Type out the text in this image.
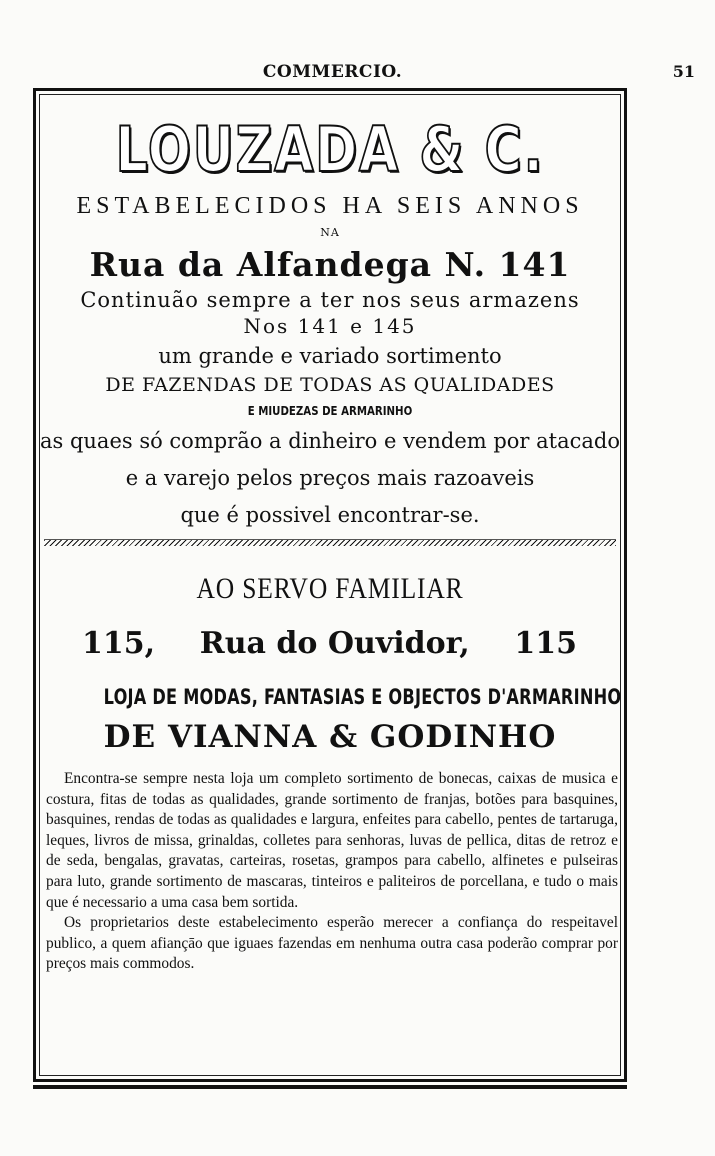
COMMERCIO.	51
LOUZADA & C.
ESTABELECIDOS HA SEIS ANNOS
NA
Rua da Alfandega N. 141
Continuão sempre a ter nos seus armazens
Nos 141 e 145
um grande e variado sortimento
DE FAZENDAS DE TODAS AS QUALIDADES
E MIUDEZAS DE ARMARINHO
as quaes só comprão a dinheiro e vendem por atacado
e a varejo pelos preços mais razoaveis
que é possivel encontrar-se.
AO SERVO FAMILIAR
115, Rua do Ouvidor, 115
LOJA DE MODAS, FANTASIAS E OBJECTOS D'ARMARINHO
DE VIANNA & GODINHO

Encontra-se sempre nesta loja um completo sortimento de bonecas, caixas de musica e costura, fitas de todas as qualidades, grande sortimento de franjas, botões para basquines, basquines, rendas de todas as qualidades e largura, enfeites para cabello, pentes de tartaruga, leques, livros de missa, grinaldas, colletes para senhoras, luvas de pellica, ditas de retroz e de seda, bengalas, gravatas, carteiras, rosetas, grampos para cabello, alfinetes e pulseiras para luto, grande sortimento de mascaras, tinteiros e paliteiros de porcellana, e tudo o mais que é necessario a uma casa bem sortida.

Os proprietarios deste estabelecimento esperão merecer a confiança do respeitavel publico, a quem afiançāo que iguaes fazendas em nenhuma outra casa poderão comprar por preços mais commodos.
